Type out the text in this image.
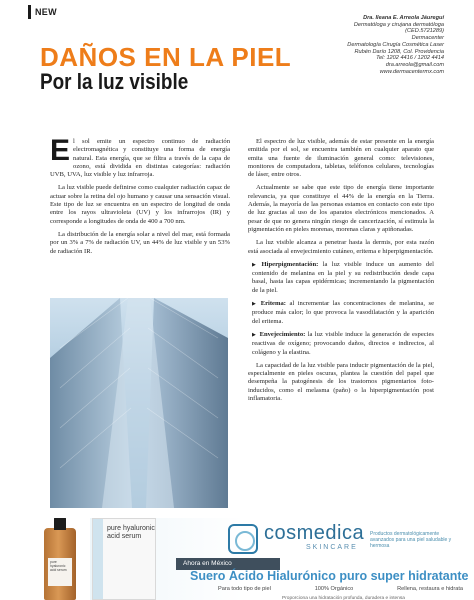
NEW
Dra. Ileana E. Arreola Jáuregui
Dermatóloga y cirujana dermatóloga
(CED.5721289)
Dermacenter
Dermatología Cirugía Cosmética Laser
Rubén Darío 1208, Col. Providencia
Tel: 1202 4416 / 1202 4414
dra.arreola@gmail.com
www.dermacentermx.com
DAÑOS EN LA PIEL
Por la luz visible

E l sol emite un espectro continuo de radiación electromagnética y constituye una forma de energía natural. Esta energía, que se filtra a través de la capa de ozono, está dividida en distintas categorías: radiación UVB, UVA, luz visible y luz infrarroja.

La luz visible puede definirse como cualquier radiación capaz de actuar sobre la retina del ojo humano y causar una sensación visual. Este tipo de luz se encuentra en un espectro de longitud de onda entre los rayos ultravioleta (UV) y los infrarrojos (IR) y corresponde a longitudes de onda de 400 a 700 nm.

La distribución de la energía solar a nivel del mar, está formada por un 3% a 7% de radiación UV, un 44% de luz visible y un 53% de radiación IR.

El espectro de luz visible, además de estar presente en la energía emitida por el sol, se encuentra también en cualquier aparato que emita una fuente de iluminación general como: televisiones, monitores de computadora, tabletas, teléfonos celulares, tecnologías de láser, entre otros.

Actualmente se sabe que este tipo de energía tiene importante relevancia, ya que constituye el 44% de la energía en la Tierra. Además, la mayoría de las personas estamos en contacto con este tipo de luz gracias al uso de los aparatos electrónicos mencionados. A pesar de que no genera ningún riesgo de cancerización, sí estimula la pigmentación en pieles morenas, morenas claras y apiñonadas.

La luz visible alcanza a penetrar hasta la dermis, por esta razón está asociada al envejecimiento cutáneo, eritema e hiperpigmentación.

▶ Hiperpigmentación: la luz visible induce un aumento del contenido de melanina en la piel y su redistribución desde capa basal, hasta las capas epidérmicas; incrementando la pigmentación de la piel.

▶ Eritema: al incrementar las concentraciones de melanina, se produce más calor; lo que provoca la vasodilatación y la aparición del eritema.

▶ Envejecimiento: la luz visible induce la generación de especies reactivas de oxígeno; provocando daños, directos e indirectos, al colágeno y la elastina.

La capacidad de la luz visible para inducir pigmentación de la piel, especialmente en pieles oscuras, plantea la cuestión del papel que desempeña la patogénesis de los trastornos pigmentarios foto-inducidos, como el melasma (paño) o la hiperpigmentación post inflamatoria.

pure hyaluronic acid serum
pure hyaluronic acid serum	cosmedica
SKINCARE
Productos dermatológicamente avanzados para una piel saludable y hermosa
Ahora en México
Suero Ácido Hialurónico puro super hidratante
Para todo tipo de piel	100% Orgánico	Rellena, restaura e hidrata
Proporciona una hidratación profunda, duradera e intensa
